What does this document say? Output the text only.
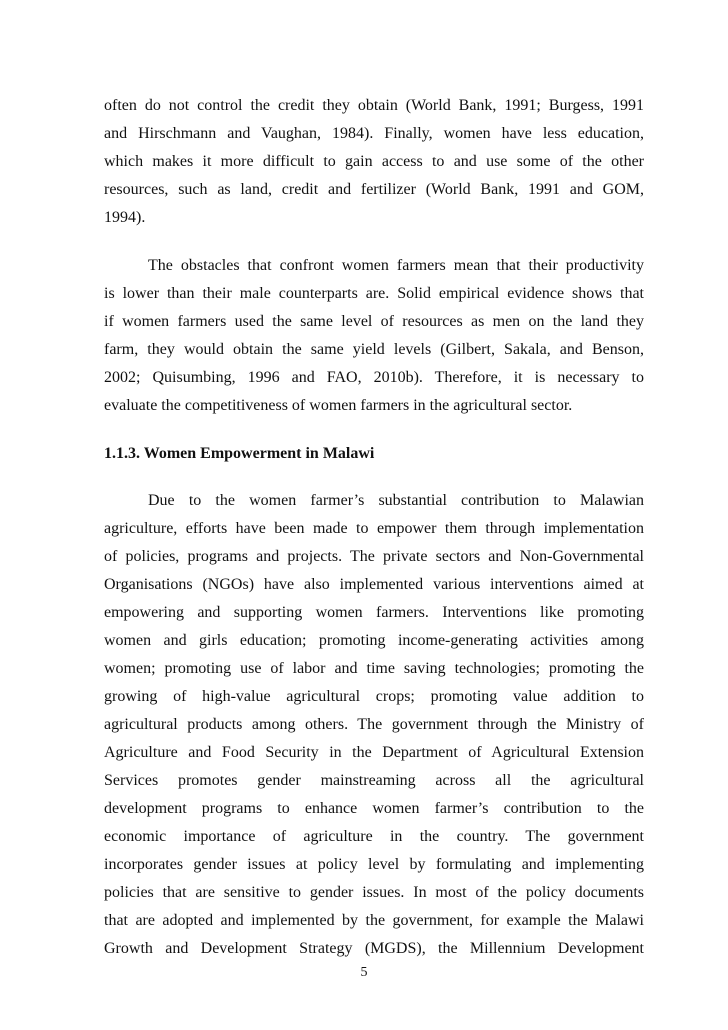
often do not control the credit they obtain (World Bank, 1991; Burgess, 1991
and Hirschmann and Vaughan, 1984). Finally, women have less education,
which makes it more difficult to gain access to and use some of the other
resources, such as land, credit and fertilizer (World Bank, 1991 and GOM,
1994).
The obstacles that confront women farmers mean that their productivity
is lower than their male counterparts are. Solid empirical evidence shows that
if women farmers used the same level of resources as men on the land they
farm, they would obtain the same yield levels (Gilbert, Sakala, and Benson,
2002; Quisumbing, 1996 and FAO, 2010b). Therefore, it is necessary to
evaluate the competitiveness of women farmers in the agricultural sector.
1.1.3. Women Empowerment in Malawi
Due to the women farmer’s substantial contribution to Malawian
agriculture, efforts have been made to empower them through implementation
of policies, programs and projects. The private sectors and Non-Governmental
Organisations (NGOs) have also implemented various interventions aimed at
empowering and supporting women farmers. Interventions like promoting
women and girls education; promoting income-generating activities among
women; promoting use of labor and time saving technologies; promoting the
growing of high-value agricultural crops; promoting value addition to
agricultural products among others. The government through the Ministry of
Agriculture and Food Security in the Department of Agricultural Extension
Services promotes gender mainstreaming across all the agricultural
development programs to enhance women farmer’s contribution to the
economic importance of agriculture in the country. The government
incorporates gender issues at policy level by formulating and implementing
policies that are sensitive to gender issues. In most of the policy documents
that are adopted and implemented by the government, for example the Malawi
Growth and Development Strategy (MGDS), the Millennium Development
5
